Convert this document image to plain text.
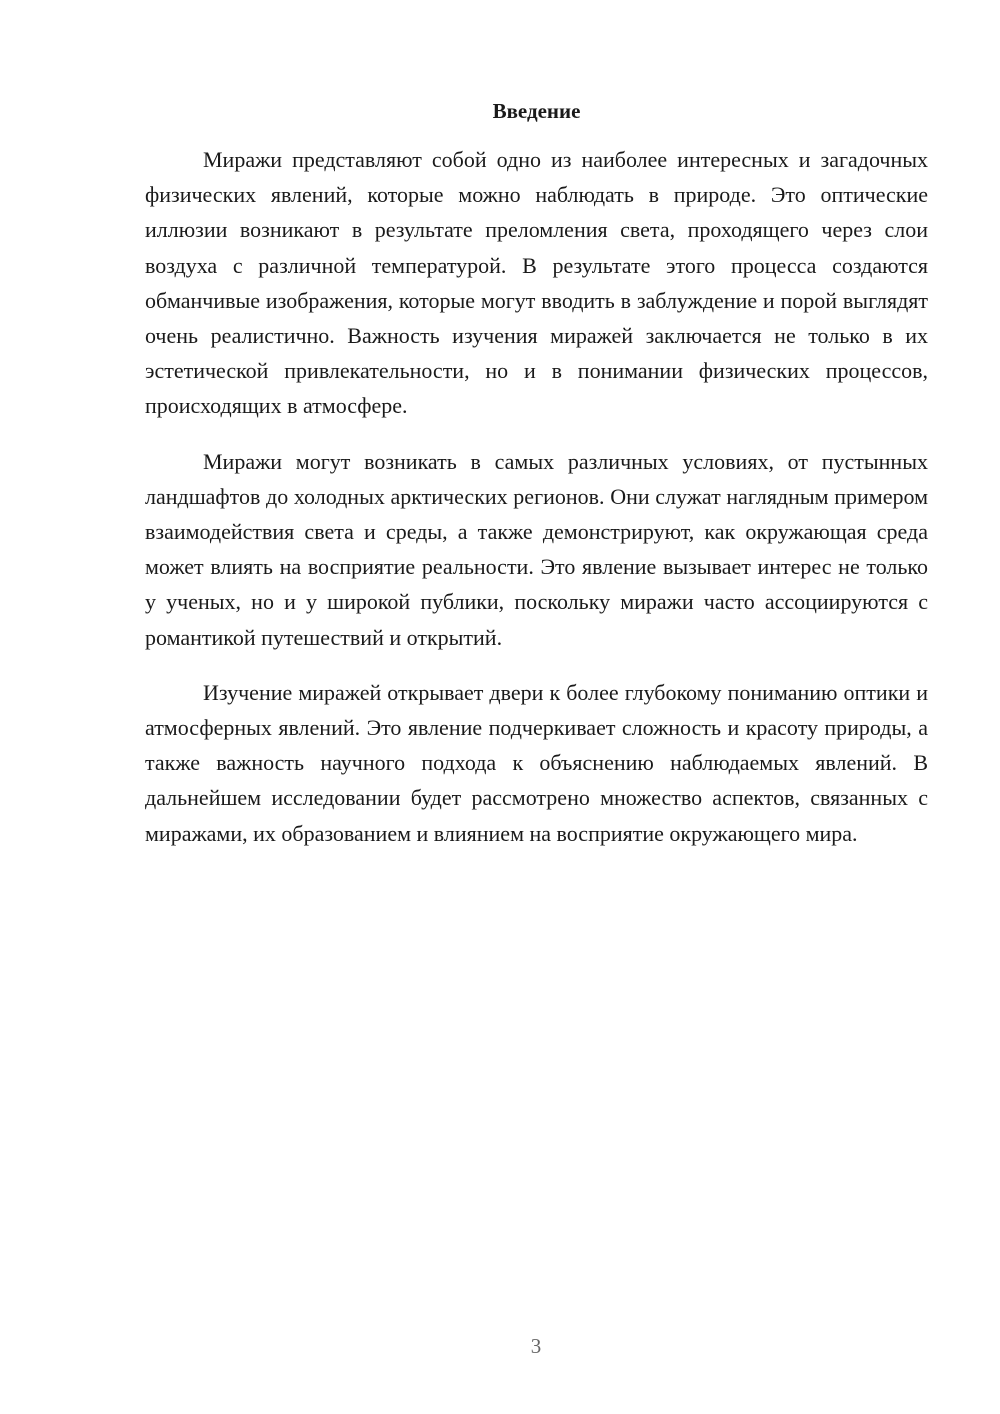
Введение

Миражи представляют собой одно из наиболее интересных и загадочных физических явлений, которые можно наблюдать в природе. Это оптические иллюзии возникают в результате преломления света, проходящего через слои воздуха с различной температурой. В результате этого процесса создаются обманчивые изображения, которые могут вводить в заблуждение и порой выглядят очень реалистично. Важность изучения миражей заключается не только в их эстетической привлекательности, но и в понимании физических процессов, происходящих в атмосфере.

Миражи могут возникать в самых различных условиях, от пустынных ландшафтов до холодных арктических регионов. Они служат наглядным примером взаимодействия света и среды, а также демонстрируют, как окружающая среда может влиять на восприятие реальности. Это явление вызывает интерес не только у ученых, но и у широкой публики, поскольку миражи часто ассоциируются с романтикой путешествий и открытий.

Изучение миражей открывает двери к более глубокому пониманию оптики и атмосферных явлений. Это явление подчеркивает сложность и красоту природы, а также важность научного подхода к объяснению наблюдаемых явлений. В дальнейшем исследовании будет рассмотрено множество аспектов, связанных с миражами, их образованием и влиянием на восприятие окружающего мира.

3
